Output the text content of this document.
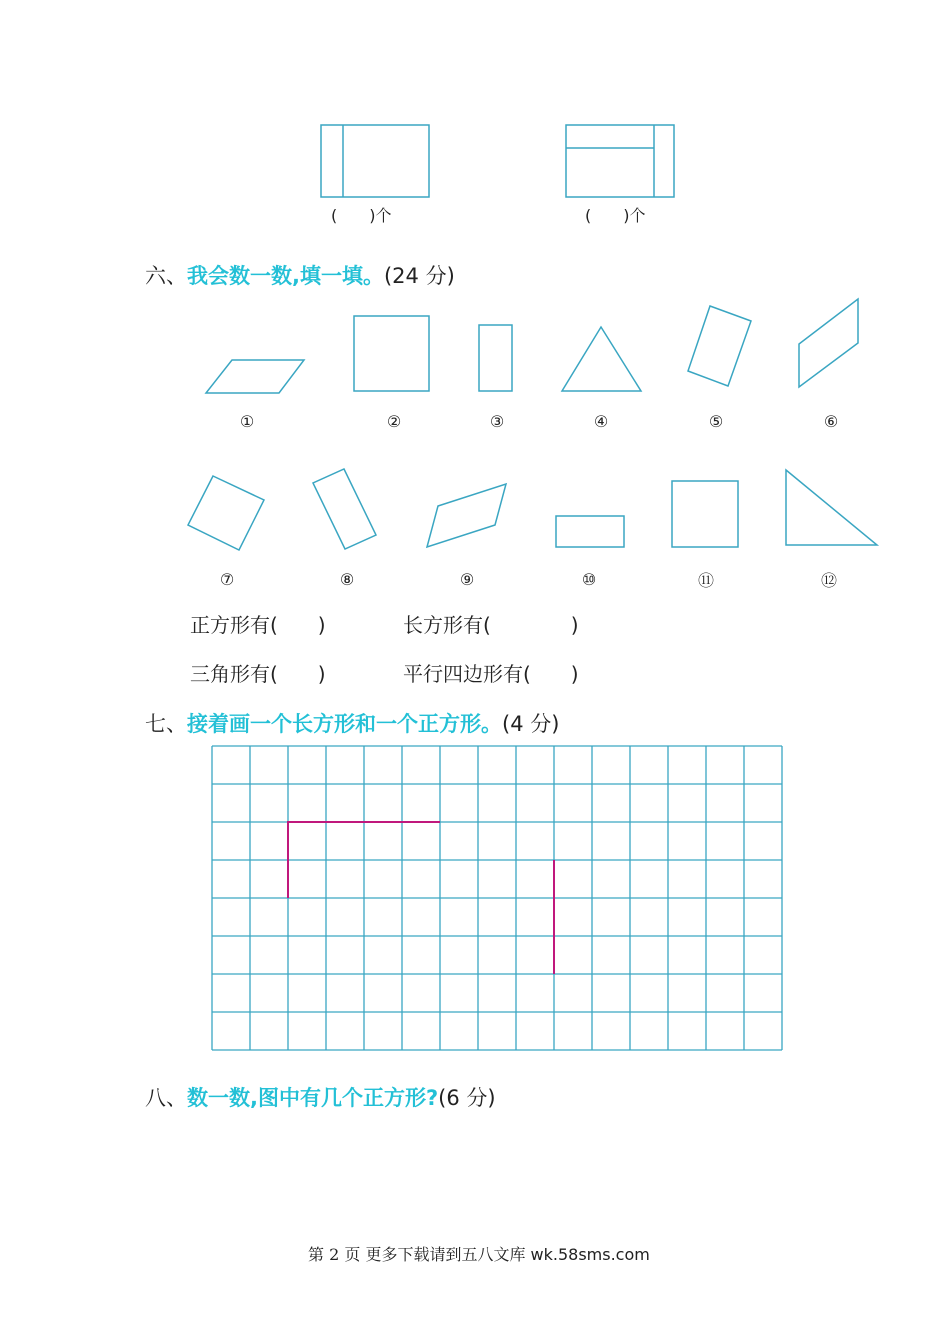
(　　)个	(　　)个
六、我会数一数,填一填。(24 分)
①	②	③	④	⑤	⑥
⑦	⑧	⑨	⑩	⑪	⑫
正方形有(　　)	长方形有(　　　　)
三角形有(　　)	平行四边形有(　　)
七、接着画一个长方形和一个正方形。(4 分)
八、数一数,图中有几个正方形?(6 分)
第 2 页 更多下载请到五八文库 wk.58sms.com
